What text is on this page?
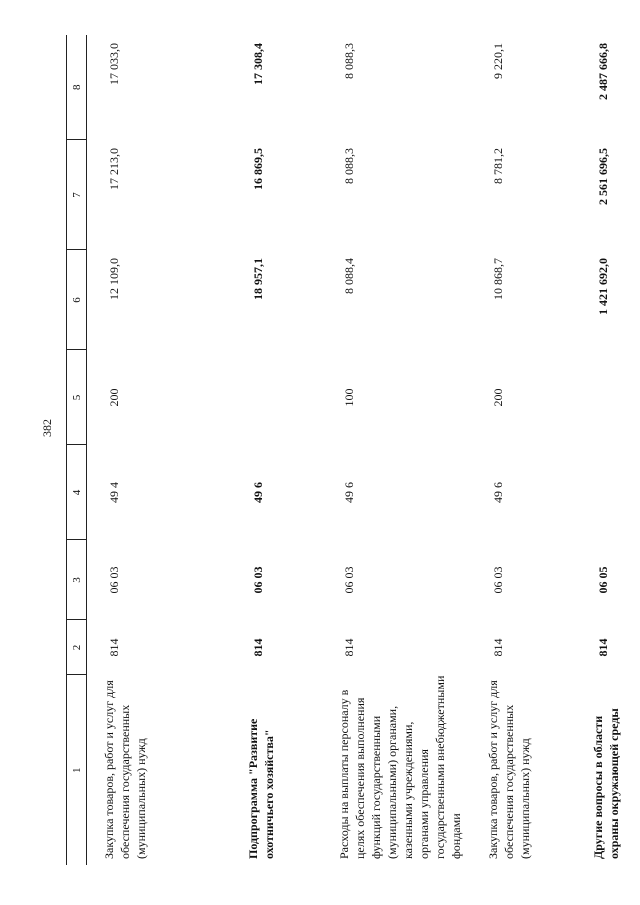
382
1	2	3	4	5	6	7	8
Закупка товаров, работ и услуг для обеспечения государственных (муниципальных) нужд	814	06 03	49 4	200	12 109,0	17 213,0	17 033,0
Подпрограмма "Развитие охотничьего хозяйства"	814	06 03	49 6		18 957,1	16 869,5	17 308,4
Расходы на выплаты персоналу в целях обеспечения выполнения функций государственными (муниципальными) органами, казенными учреждениями, органами управления государственными внебюджетными фондами	814	06 03	49 6	100	8 088,4	8 088,3	8 088,3
Закупка товаров, работ и услуг для обеспечения государственных (муниципальных) нужд	814	06 03	49 6	200	10 868,7	8 781,2	9 220,1
Другие вопросы в области охраны окружающей среды	814	06 05			1 421 692,0	2 561 696,5	2 487 666,8
